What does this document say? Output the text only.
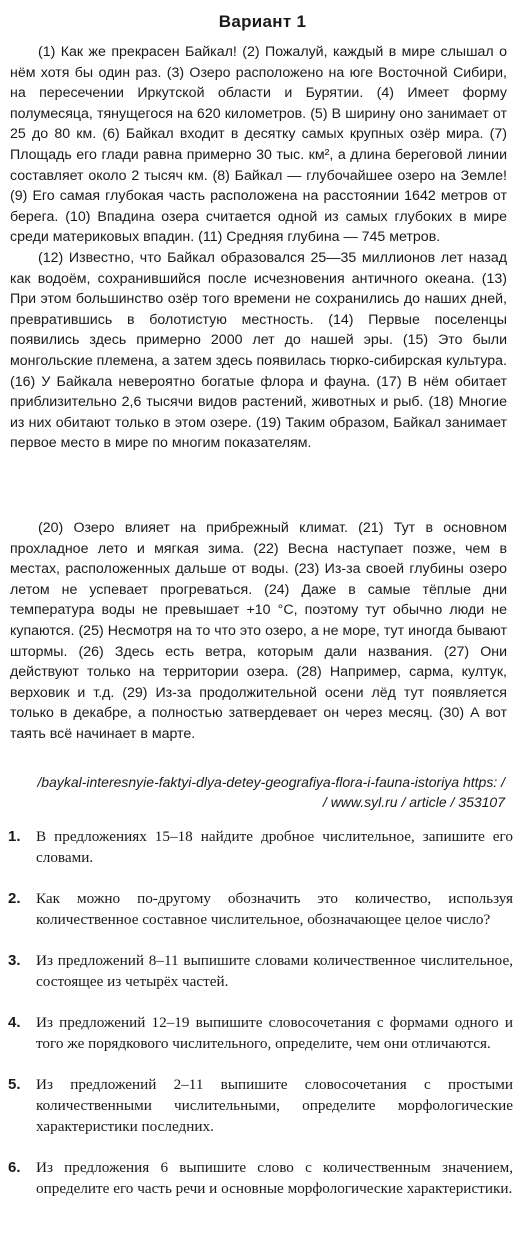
Вариант 1

(1) Как же прекрасен Байкал! (2) Пожалуй, каждый в мире слышал о нём хотя бы один раз. (3) Озеро расположено на юге Восточной Сибири, на пересечении Иркутской области и Бурятии. (4) Имеет форму полумесяца, тянущегося на 620 километров. (5) В ширину оно занимает от 25 до 80 км. (6) Байкал входит в десятку самых крупных озёр мира. (7) Площадь его глади равна примерно 30 тыс. км², а длина береговой линии составляет около 2 тысяч км. (8) Байкал — глубочайшее озеро на Земле! (9) Его самая глубокая часть расположена на расстоянии 1642 метров от берега. (10) Впадина озера считается одной из самых глубоких в мире среди материковых впадин. (11) Средняя глубина — 745 метров.

(12) Известно, что Байкал образовался 25—35 миллионов лет назад как водоём, сохранившийся после исчезновения античного океана. (13) При этом большинство озёр того времени не сохранились до наших дней, превратившись в болотистую местность. (14) Первые поселенцы появились здесь примерно 2000 лет до нашей эры. (15) Это были монгольские племена, а затем здесь появилась тюрко-сибирская культура. (16) У Байкала невероятно богатые флора и фауна. (17) В нём обитает приблизительно 2,6 тысячи видов растений, животных и рыб. (18) Многие из них обитают только в этом озере. (19) Таким образом, Байкал занимает первое место в мире по многим показателям.

(20) Озеро влияет на прибрежный климат. (21) Тут в основном прохладное лето и мягкая зима. (22) Весна наступает позже, чем в местах, расположенных дальше от воды. (23) Из-за своей глубины озеро летом не успевает прогреваться. (24) Даже в самые тёплые дни температура воды не превышает +10 °С, поэтому тут обычно люди не купаются. (25) Несмотря на то что это озеро, а не море, тут иногда бывают штормы. (26) Здесь есть ветра, которым дали названия. (27) Они действуют только на территории озера. (28) Например, сарма, култук, верховик и т.д. (29) Из-за продолжительной осени лёд тут появляется только в декабре, а полностью затвердевает он через месяц. (30) А вот таять всё начинает в марте.

/baykal-interesnyie-faktyi-dlya-detey-geografiya-flora-i-fauna-istoriya https: / / www.syl.ru / article / 353107
1.	В предложениях 15–18 найдите дробное числительное, запишите его словами.
2.	Как можно по-другому обозначить это количество, используя количественное составное числительное, обозначающее целое число?
3.	Из предложений 8–11 выпишите словами количественное числительное, состоящее из четырёх частей.
4.	Из предложений 12–19 выпишите словосочетания с формами одного и того же порядкового числительного, определите, чем они отличаются.
5.	Из предложений 2–11 выпишите словосочетания с простыми количественными числительными, определите морфологические характеристики последних.
6.	Из предложения 6 выпишите слово с количественным значением, определите его часть речи и основные морфологические характеристики.
